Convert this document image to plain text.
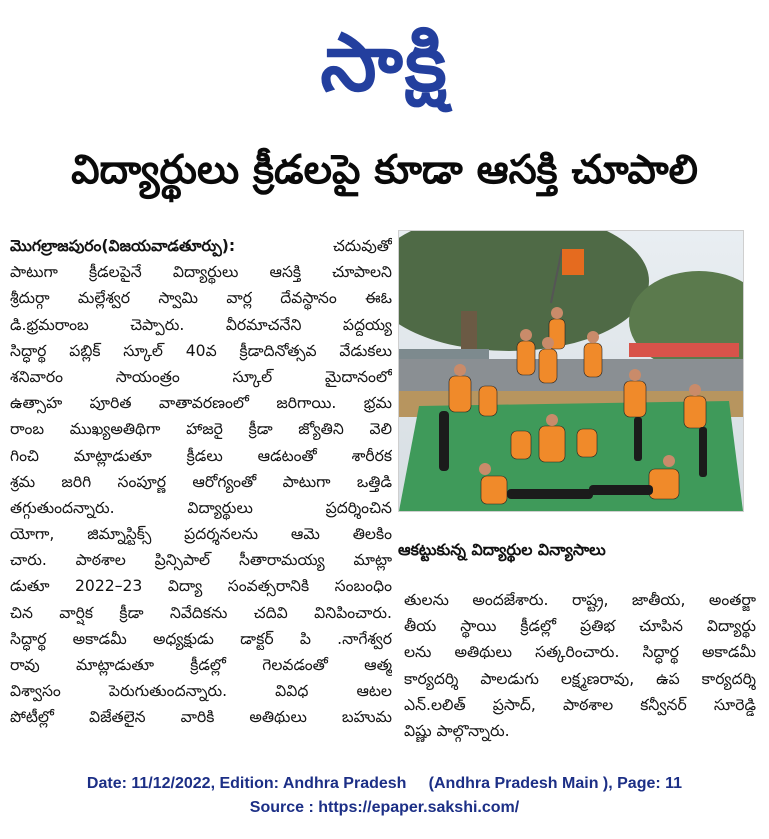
సాక్షి
విద్యార్థులు క్రీడలపై కూడా ఆసక్తి చూపాలి
మొగల్రాజపురం(విజయవాడతూర్పు): చదువుతో
పాటుగా క్రీడలపైనే విద్యార్థులు ఆసక్తి చూపాలని
శ్రీదుర్గా మల్లేశ్వర స్వామి వార్ల దేవస్థానం ఈఓ
డి.భ్రమరాంబ చెప్పారు. వీరమాచనేని పద్దయ్య
సిద్ధార్థ పబ్లిక్ స్కూల్ 40వ క్రీడాదినోత్సవ వేడుకలు
శనివారం సాయంత్రం స్కూల్ మైదానంలో
ఉత్సాహ పూరిత వాతావరణంలో జరిగాయి. భ్రమ
రాంబ ముఖ్యఅతిథిగా హాజరై క్రీడా జ్యోతిని వెలి
గించి మాట్లాడుతూ క్రీడలు ఆడటంతో శారీరక
శ్రమ జరిగి సంపూర్ణ ఆరోగ్యంతో పాటుగా ఒత్తిడి
తగ్గుతుందన్నారు. విద్యార్థులు ప్రదర్శించిన
యోగా, జిమ్నాస్టిక్స్ ప్రదర్శనలను ఆమె తిలకిం
చారు. పాఠశాల ప్రిన్సిపాల్ సీతారామయ్య మాట్లా
డుతూ 2022–23 విద్యా సంవత్సరానికి సంబంధిం
చిన వార్షిక క్రీడా నివేదికను చదివి వినిపించారు.
సిద్ధార్థ అకాడమీ అధ్యక్షుడు డాక్టర్ పి .నాగేశ్వర
రావు మాట్లాడుతూ క్రీడల్లో గెలవడంతో ఆత్మ
విశ్వాసం పెరుగుతుందన్నారు. వివిధ ఆటల
పోటీల్లో విజేతలైన వారికి అతిథులు బహుమ
ఆకట్టుకున్న విద్యార్థుల విన్యాసాలు
తులను అందజేశారు. రాష్ట్ర, జాతీయ, అంతర్జా
తీయ స్థాయి క్రీడల్లో ప్రతిభ చూపిన విద్యార్థు
లను అతిథులు సత్కరించారు. సిద్ధార్థ అకాడమీ
కార్యదర్శి పాలడుగు లక్ష్మణరావు, ఉప కార్యదర్శి
ఎన్.లలిత్ ప్రసాద్, పాఠశాల కన్వీనర్ సూరెడ్డి
విష్ణు పాల్గొన్నారు.
Date: 11/12/2022, Edition: Andhra Pradesh     (Andhra Pradesh Main ), Page: 11
Source : https://epaper.sakshi.com/
